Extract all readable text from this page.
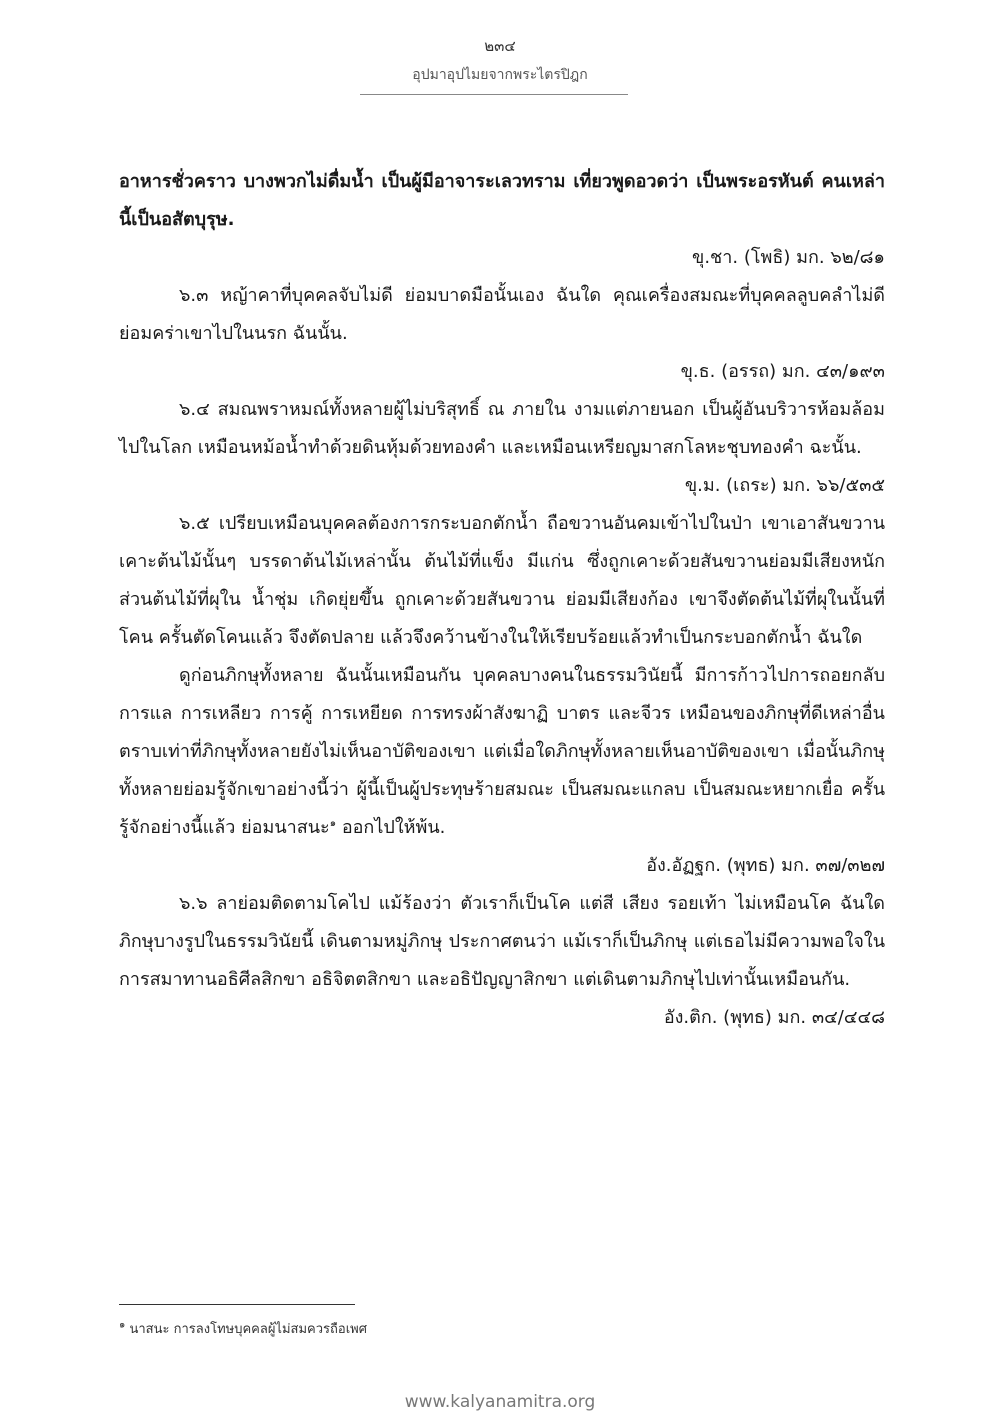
๒๓๔
อุปมาอุปไมยจากพระไตรปิฎก

อาหารชั่วคราว บางพวกไม่ดื่มน้ำ เป็นผู้มีอาจาระเลวทราม เที่ยวพูดอวดว่า เป็นพระอรหันต์ คนเหล่านี้เป็นอสัตบุรุษ.

ขุ.ชา. (โพธิ) มก. ๖๒/๘๑

๖.๓ หญ้าคาที่บุคคลจับไม่ดี ย่อมบาดมือนั้นเอง ฉันใด คุณเครื่องสมณะที่บุคคลลูบคลำไม่ดี ย่อมคร่าเขาไปในนรก ฉันนั้น.

ขุ.ธ. (อรรถ) มก. ๔๓/๑๙๓

๖.๔ สมณพราหมณ์ทั้งหลายผู้ไม่บริสุทธิ์ ณ ภายใน งามแต่ภายนอก เป็นผู้อันบริวารห้อมล้อมไปในโลก เหมือนหม้อน้ำทำด้วยดินหุ้มด้วยทองคำ และเหมือนเหรียญมาสกโลหะชุบทองคำ ฉะนั้น.

ขุ.ม. (เถระ) มก. ๖๖/๕๓๕

๖.๕ เปรียบเหมือนบุคคลต้องการกระบอกตักน้ำ ถือขวานอันคมเข้าไปในป่า เขาเอาสันขวานเคาะต้นไม้นั้นๆ บรรดาต้นไม้เหล่านั้น ต้นไม้ที่แข็ง มีแก่น ซึ่งถูกเคาะด้วยสันขวานย่อมมีเสียงหนัก ส่วนต้นไม้ที่ผุใน น้ำชุ่ม เกิดยุ่ยขึ้น ถูกเคาะด้วยสันขวาน ย่อมมีเสียงก้อง เขาจึงตัดต้นไม้ที่ผุในนั้นที่โคน ครั้นตัดโคนแล้ว จึงตัดปลาย แล้วจึงคว้านข้างในให้เรียบร้อยแล้วทำเป็นกระบอกตักน้ำ ฉันใด

ดูก่อนภิกษุทั้งหลาย ฉันนั้นเหมือนกัน บุคคลบางคนในธรรมวินัยนี้ มีการก้าวไปการถอยกลับ การแล การเหลียว การคู้ การเหยียด การทรงผ้าสังฆาฏิ บาตร และจีวร เหมือนของภิกษุที่ดีเหล่าอื่น ตราบเท่าที่ภิกษุทั้งหลายยังไม่เห็นอาบัติของเขา แต่เมื่อใดภิกษุทั้งหลายเห็นอาบัติของเขา เมื่อนั้นภิกษุทั้งหลายย่อมรู้จักเขาอย่างนี้ว่า ผู้นี้เป็นผู้ประทุษร้ายสมณะ เป็นสมณะแกลบ เป็นสมณะหยากเยื่อ ครั้นรู้จักอย่างนี้แล้ว ย่อมนาสนะ$^๑$ ออกไปให้พ้น.

อัง.อัฏฐก. (พุทธ) มก. ๓๗/๓๒๗

๖.๖ ลาย่อมติดตามโคไป แม้ร้องว่า ตัวเราก็เป็นโค แต่สี เสียง รอยเท้า ไม่เหมือนโค ฉันใด ภิกษุบางรูปในธรรมวินัยนี้ เดินตามหมู่ภิกษุ ประกาศตนว่า แม้เราก็เป็นภิกษุ แต่เธอไม่มีความพอใจในการสมาทานอธิศีลสิกขา อธิจิตตสิกขา และอธิปัญญาสิกขา แต่เดินตามภิกษุไปเท่านั้นเหมือนกัน.

อัง.ติก. (พุทธ) มก. ๓๔/๔๔๘

$^๑$ นาสนะ การลงโทษบุคคลผู้ไม่สมควรถือเพศ
www.kalyanamitra.org
